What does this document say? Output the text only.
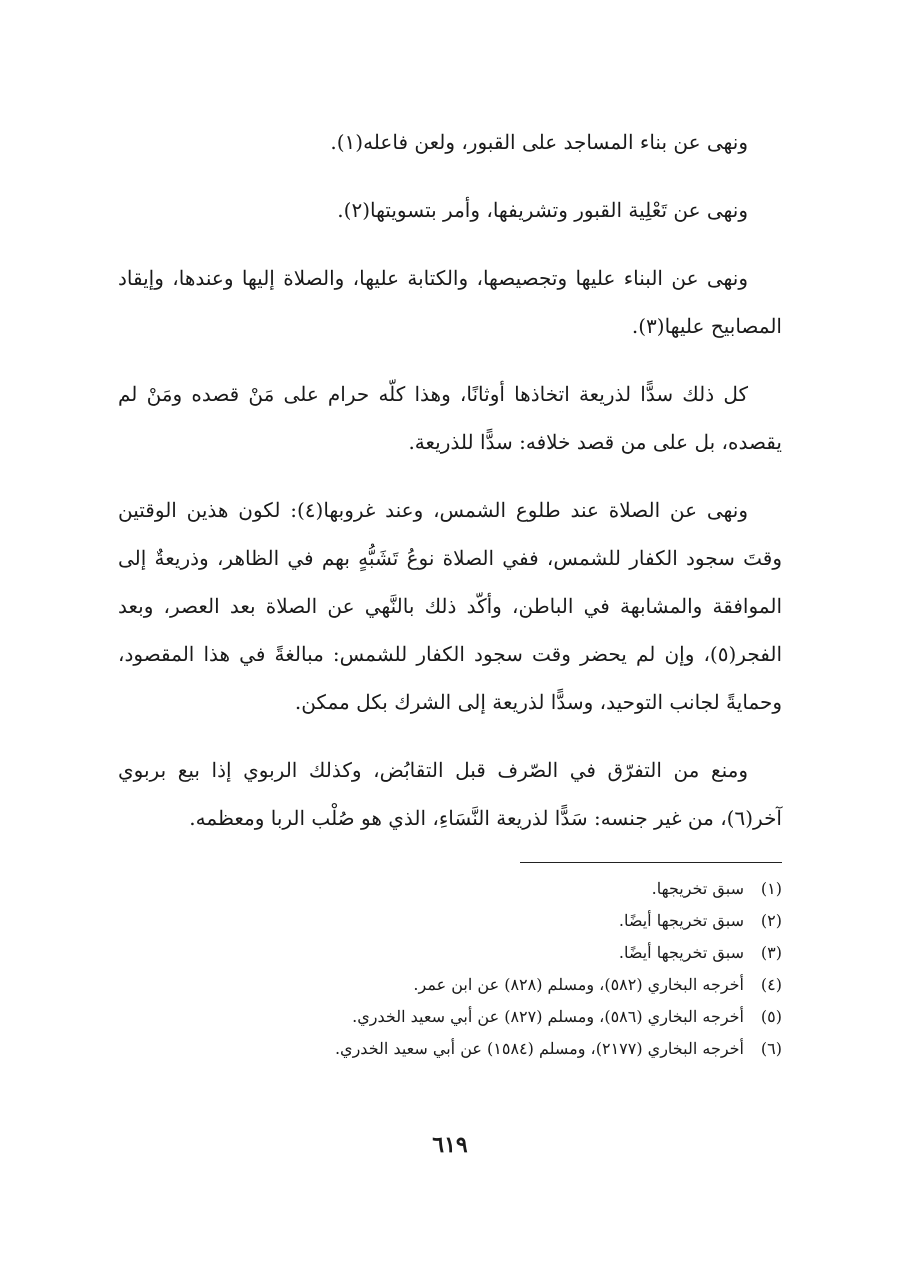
ونهى عن بناء المساجد على القبور، ولعن فاعله(١).

ونهى عن تَعْلِية القبور وتشريفها، وأمر بتسويتها(٢).

ونهى عن البناء عليها وتجصيصها، والكتابة عليها، والصلاة إليها وعندها، وإيقاد المصابيح عليها(٣).

كل ذلك سدًّا لذريعة اتخاذها أوثانًا، وهذا كلّه حرام على مَنْ قصده ومَنْ لم يقصده، بل على من قصد خلافه: سدًّا للذريعة.

ونهى عن الصلاة عند طلوع الشمس، وعند غروبها(٤): لكون هذين الوقتين وقتَ سجود الكفار للشمس، ففي الصلاة نوعُ تَشَبُّهٍ بهم في الظاهر، وذريعةٌ إلى الموافقة والمشابهة في الباطن، وأكّد ذلك بالنَّهي عن الصلاة بعد العصر، وبعد الفجر(٥)، وإن لم يحضر وقت سجود الكفار للشمس: مبالغةً في هذا المقصود، وحمايةً لجانب التوحيد، وسدًّا لذريعة إلى الشرك بكل ممكن.

ومنع من التفرّق في الصّرف قبل التقابُض، وكذلك الربوي إذا بيع بربوي آخر(٦)، من غير جنسه: سَدًّا لذريعة النَّسَاءِ، الذي هو صُلْب الربا ومعظمه.

(١)
سبق تخريجها.
(٢)
سبق تخريجها أيضًا.
(٣)
سبق تخريجها أيضًا.
(٤)
أخرجه البخاري (٥٨٢)، ومسلم (٨٢٨) عن ابن عمر.
(٥)
أخرجه البخاري (٥٨٦)، ومسلم (٨٢٧) عن أبي سعيد الخدري.
(٦)
أخرجه البخاري (٢١٧٧)، ومسلم (١٥٨٤) عن أبي سعيد الخدري.
٦١٩
